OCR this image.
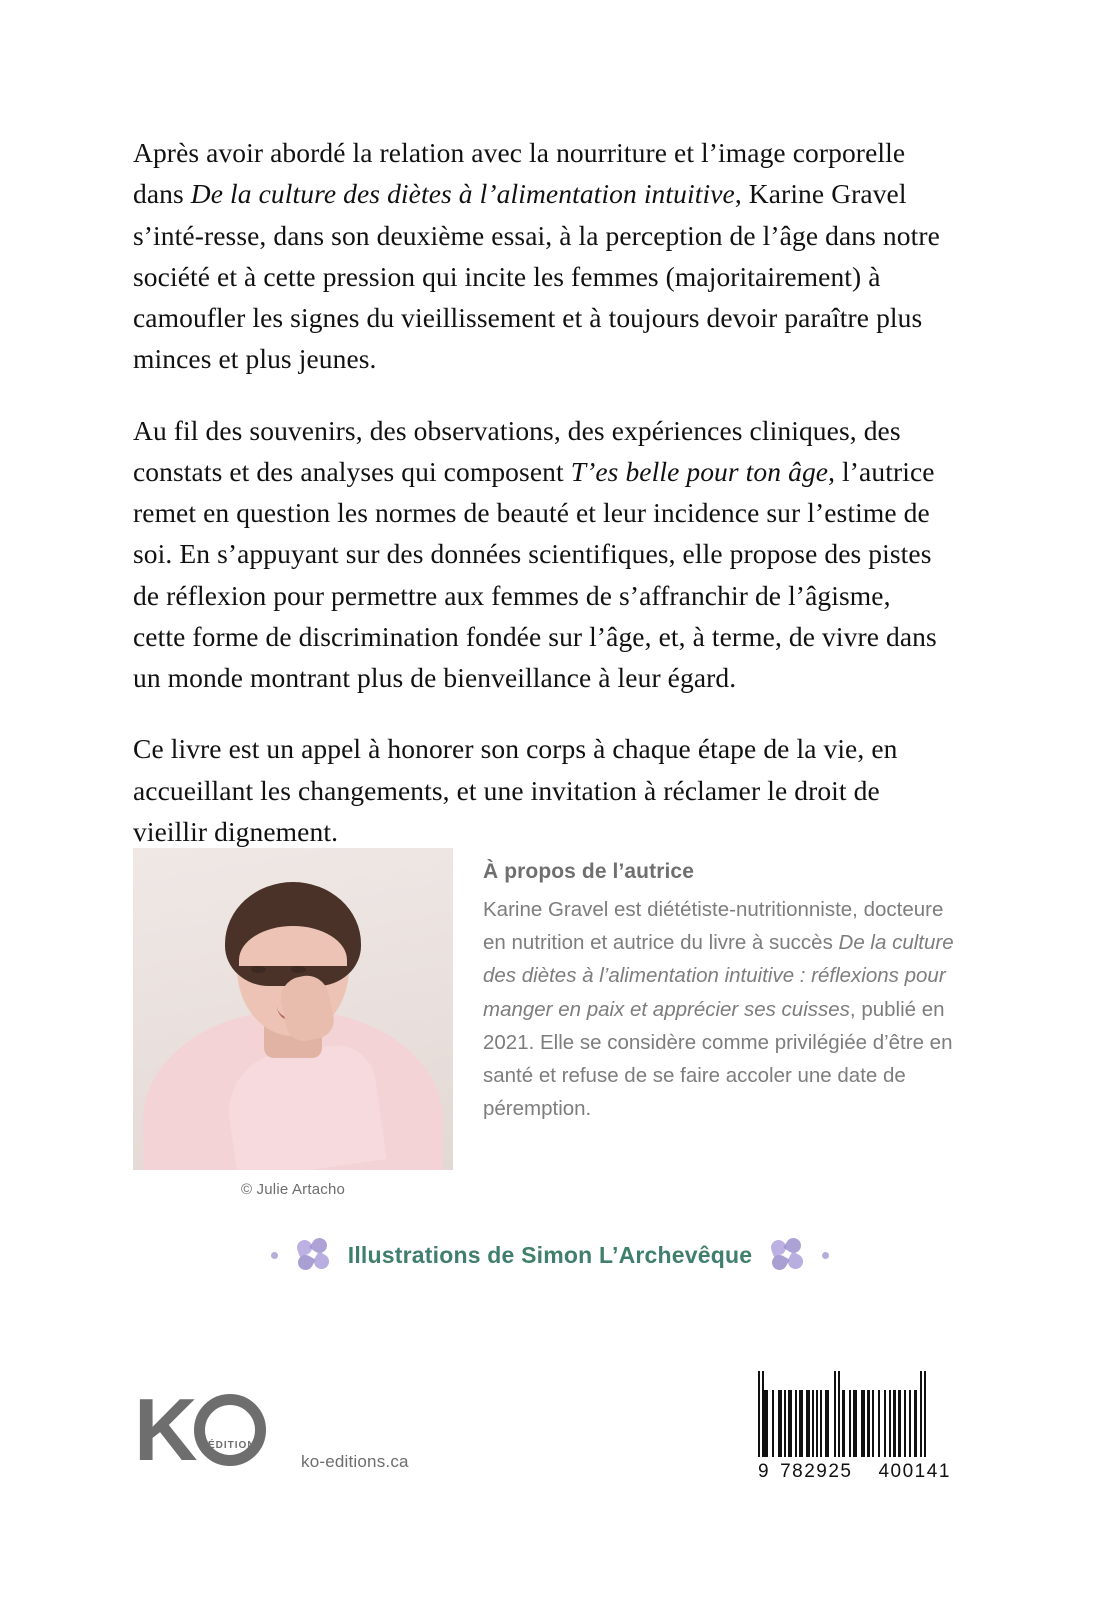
Après avoir abordé la relation avec la nourriture et l’image corporelle dans De la culture des diètes à l’alimentation intuitive, Karine Gravel s’inté-resse, dans son deuxième essai, à la perception de l’âge dans notre société et à cette pression qui incite les femmes (majoritairement) à camoufler les signes du vieillissement et à toujours devoir paraître plus minces et plus jeunes.

Au fil des souvenirs, des observations, des expériences cliniques, des constats et des analyses qui composent T’es belle pour ton âge, l’autrice remet en question les normes de beauté et leur incidence sur l’estime de soi. En s’appuyant sur des données scientifiques, elle propose des pistes de réflexion pour permettre aux femmes de s’affranchir de l’âgisme, cette forme de discrimination fondée sur l’âge, et, à terme, de vivre dans un monde montrant plus de bienveillance à leur égard.

Ce livre est un appel à honorer son corps à chaque étape de la vie, en accueillant les changements, et une invitation à réclamer le droit de vieillir dignement.

© Julie Artacho
À propos de l’autrice

Karine Gravel est diététiste-nutritionniste, docteure en nutrition et autrice du livre à succès De la culture des diètes à l’alimentation intuitive : réflexions pour manger en paix et apprécier ses cuisses, publié en 2021. Elle se considère comme privilégiée d’être en santé et refuse de se faire accoler une date de péremption.

Illustrations de Simon L’Archevêque
K ÉDITIONS
ko-editions.ca	9 782925 400141
